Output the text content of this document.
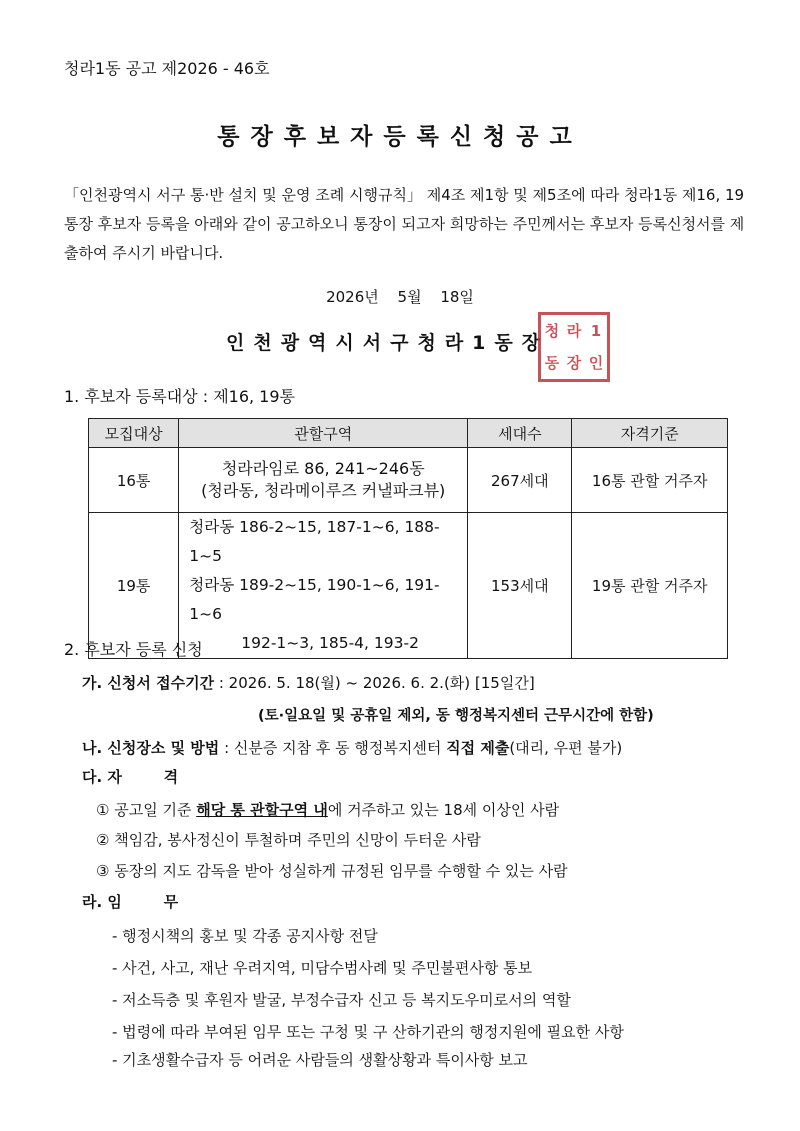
청라1동 공고 제2026 - 46호
통장후보자등록신청공고
「인천광역시 서구 통·반 설치 및 운영 조례 시행규칙」 제4조 제1항 및 제5조에 따라 청라1동 제16, 19통장 후보자 등록을 아래와 같이 공고하오니 통장이 되고자 희망하는 주민께서는 후보자 등록신청서를 제출하여 주시기 바랍니다.
2026년 5월 18일
인천광역시서구청라1동장
청 라 1
동 장 인
1. 후보자 등록대상 : 제16, 19통
모집대상	관할구역	세대수	자격기준
16통	청라라임로 86, 241~246동
(청라동, 청라메이루즈 커낼파크뷰)	267세대	16통 관할 거주자
19통	청라동 186-2~15, 187-1~6, 188-1~5
청라동 189-2~15, 190-1~6, 191-1~6
192-1~3, 185-4, 193-2	153세대	19통 관할 거주자
2. 후보자 등록 신청
가. 신청서 접수기간 : 2026. 5. 18(월) ~ 2026. 6. 2.(화) [15일간]
(토·일요일 및 공휴일 제외, 동 행정복지센터 근무시간에 한함)
나. 신청장소 및 방법 : 신분증 지참 후 동 행정복지센터 직접 제출(대리, 우편 불가)
다. 자        격
① 공고일 기준 해당 통 관할구역 내에 거주하고 있는 18세 이상인 사람
② 책임감, 봉사정신이 투철하며 주민의 신망이 두터운 사람
③ 동장의 지도 감독을 받아 성실하게 규정된 임무를 수행할 수 있는 사람
라. 임        무
- 행정시책의 홍보 및 각종 공지사항 전달
- 사건, 사고, 재난 우려지역, 미담수범사례 및 주민불편사항 통보
- 저소득층 및 후원자 발굴, 부정수급자 신고 등 복지도우미로서의 역할
- 법령에 따라 부여된 임무 또는 구청 및 구 산하기관의 행정지원에 필요한 사항
- 기초생활수급자 등 어려운 사람들의 생활상황과 특이사항 보고
